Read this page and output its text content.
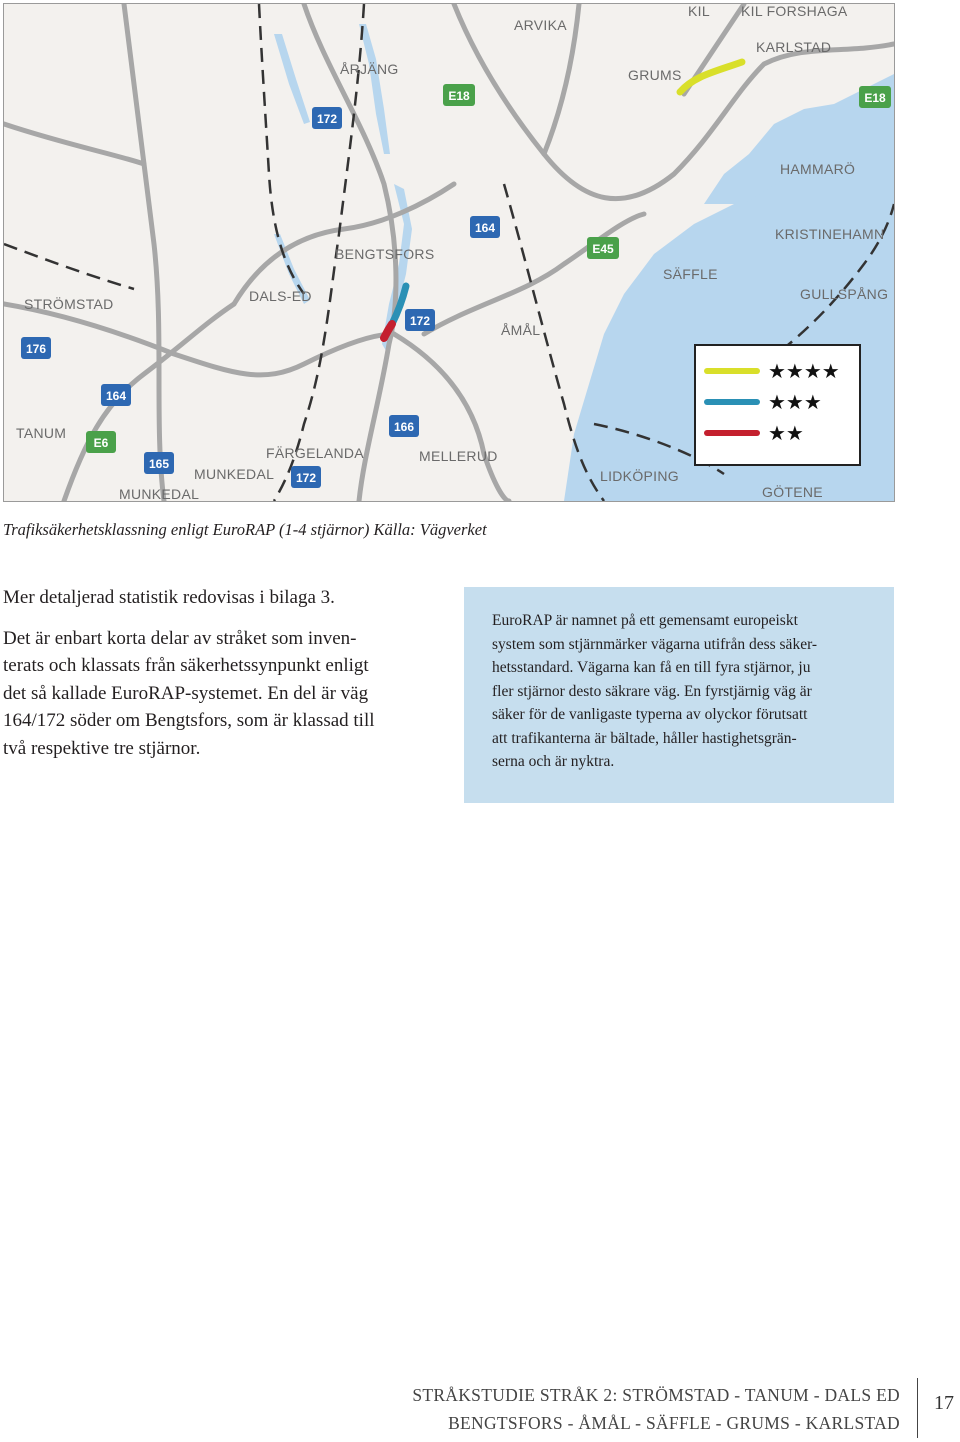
ARVIKA
KIL KIL FORSHAGA
ÅRJÄNG
KARLSTAD
GRUMS
HAMMARÖ
KRISTINEHAMN
BENGTSFORS
SÄFFLE
GULLSPÅNG
STRÖMSTAD	DALS-ED
ÅMÅL
TANUM
FÄRGELANDA	MELLERUD
MUNKEDAL
MUNKEDAL
LIDKÖPING
GÖTENE
E18	E18
172
164
E45
172
176
164
E6
166
165
172
★★★★
★★★
★★
Trafiksäkerhetsklassning enligt EuroRAP (1-4 stjärnor) Källa: Vägverket

Mer detaljerad statistik redovisas i bilaga 3.

Det är enbart korta delar av stråket som inven-
terats och klassats från säkerhetssynpunkt enligt
det så kallade EuroRAP-systemet. En del är väg
164/172 söder om Bengtsfors, som är klassad till
två respektive tre stjärnor.

EuroRAP är namnet på ett gemensamt europeiskt
system som stjärnmärker vägarna utifrån dess säker-
hetsstandard. Vägarna kan få en till fyra stjärnor, ju
fler stjärnor desto säkrare väg. En fyrstjärnig väg är
säker för de vanligaste typerna av olyckor förutsatt
att trafikanterna är bältade, håller hastighetsgrän-
serna och är nyktra.

STRÅKSTUDIE STRÅK 2: STRÖMSTAD - TANUM - DALS ED
BENGTSFORS - ÅMÅL - SÄFFLE - GRUMS - KARLSTAD
17
